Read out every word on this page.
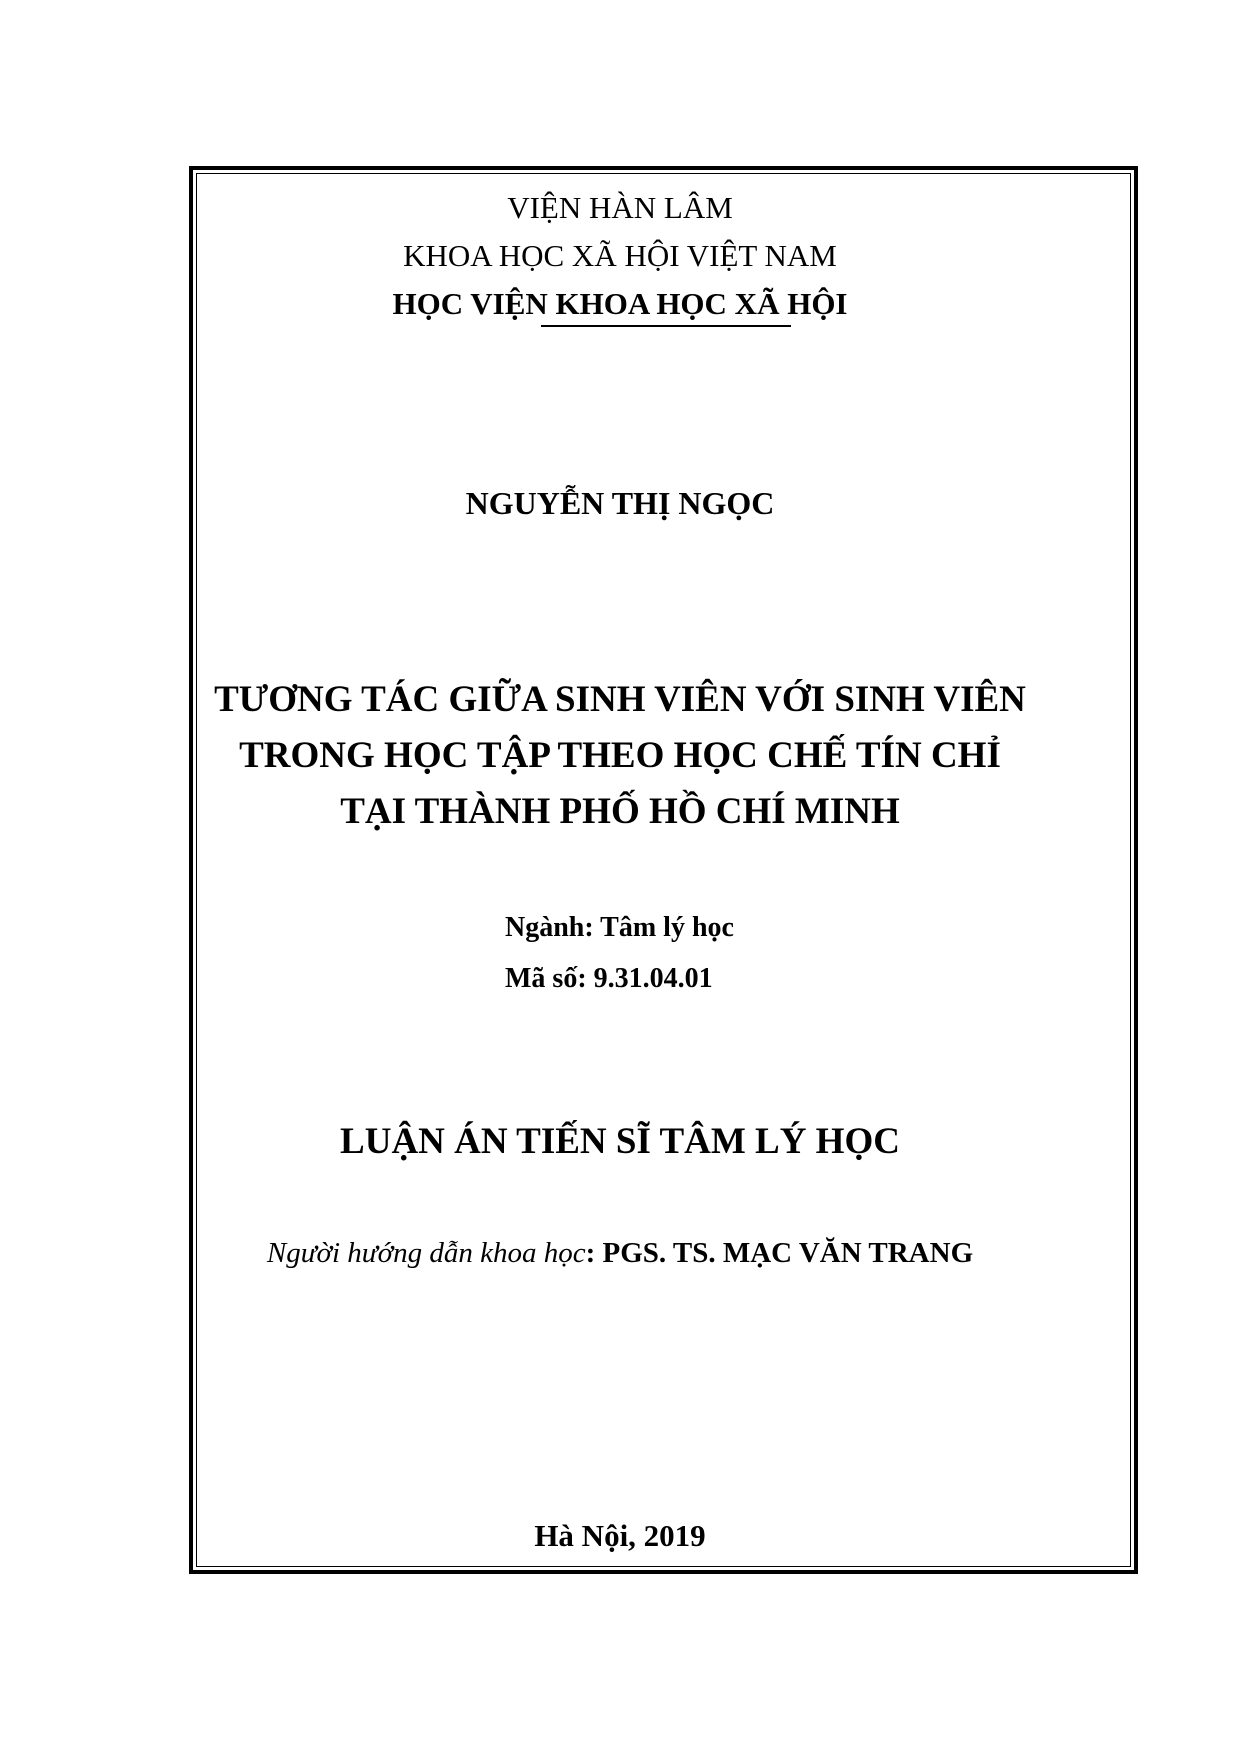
VIỆN HÀN LÂM
KHOA HỌC XÃ HỘI VIỆT NAM
HỌC VIỆN KHOA HỌC XÃ HỘI
NGUYỄN THỊ NGỌC
TƯƠNG TÁC GIỮA SINH VIÊN VỚI SINH VIÊN
TRONG HỌC TẬP THEO HỌC CHẾ TÍN CHỈ
TẠI THÀNH PHỐ HỒ CHÍ MINH
Ngành: Tâm lý học
Mã số: 9.31.04.01
LUẬN ÁN TIẾN SĨ TÂM LÝ HỌC
Người hướng dẫn khoa học: PGS. TS. MẠC VĂN TRANG
Hà Nội, 2019
